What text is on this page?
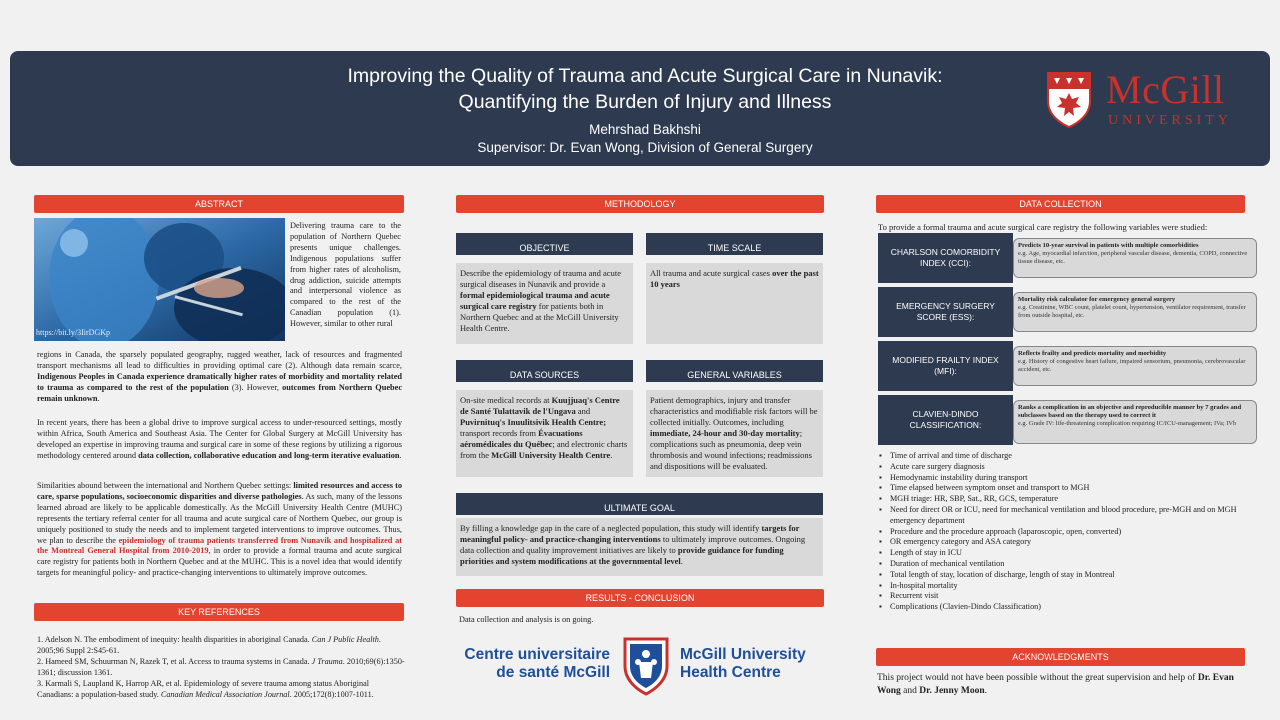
Improving the Quality of Trauma and Acute Surgical Care in Nunavik:
Quantifying the Burden of Injury and Illness
Mehrshad Bakhshi
Supervisor: Dr. Evan Wong, Division of General Surgery
McGill
UNIVERSITY
ABSTRACT
https://bit.ly/3IirDGKp
Delivering trauma care to the population of Northern Quebec presents unique challenges. Indigenous populations suffer from higher rates of alcoholism, drug addiction, suicide attempts and interpersonal violence as compared to the rest of the Canadian population (1). However, similar to other rural
regions in Canada, the sparsely populated geography, rugged weather, lack of resources and fragmented transport mechanisms all lead to difficulties in providing optimal care (2). Although data remain scarce, Indigenous Peoples in Canada experience dramatically higher rates of morbidity and mortality related to trauma as compared to the rest of the population (3). However, outcomes from Northern Quebec remain unknown.
In recent years, there has been a global drive to improve surgical access to under-resourced settings, mostly within Africa, South America and Southeast Asia. The Center for Global Surgery at McGill University has developed an expertise in improving trauma and surgical care in some of these regions by utilizing a rigorous methodology centered around data collection, collaborative education and long-term iterative evaluation.
Similarities abound between the international and Northern Quebec settings: limited resources and access to care, sparse populations, socioeconomic disparities and diverse pathologies. As such, many of the lessons learned abroad are likely to be applicable domestically. As the McGill University Health Centre (MUHC) represents the tertiary referral center for all trauma and acute surgical care of Northern Quebec, our group is uniquely positioned to study the needs and to implement targeted interventions to improve outcomes. Thus, we plan to describe the epidemiology of trauma patients transferred from Nunavik and hospitalized at the Montreal General Hospital from 2010-2019, in order to provide a formal trauma and acute surgical care registry for patients both in Northern Quebec and at the MUHC. This is a novel idea that would identify targets for meaningful policy- and practice-changing interventions to ultimately improve outcomes.
KEY REFERENCES

1. Adelson N. The embodiment of inequity: health disparities in aboriginal Canada. Can J Public Health. 2005;96 Suppl 2:S45-61.

2. Hameed SM, Schuurman N, Razek T, et al. Access to trauma systems in Canada. J Trauma. 2010;69(6):1350-1361; discussion 1361.

3. Karmali S, Laupland K, Harrop AR, et al. Epidemiology of severe trauma among status Aboriginal Canadians: a population-based study. Canadian Medical Association Journal. 2005;172(8):1007-1011.

METHODOLOGY
OBJECTIVE
Describe the epidemiology of trauma and acute surgical diseases in Nunavik and provide a formal epidemiological trauma and acute surgical care registry for patients both in Northern Quebec and at the McGill University Health Centre.
TIME SCALE
All trauma and acute surgical cases over the past 10 years
DATA SOURCES
On-site medical records at Kuujjuaq's Centre de Santé Tulattavik de l'Ungava and Puvirnituq's Inuulitsivik Health Centre; transport records from Évacuations aéromédicales du Québec; and electronic charts from the McGill University Health Centre.
GENERAL VARIABLES
Patient demographics, injury and transfer characteristics and modifiable risk factors will be collected initially. Outcomes, including immediate, 24-hour and 30-day mortality; complications such as pneumonia, deep vein thrombosis and wound infections; readmissions and dispositions will be evaluated.
ULTIMATE GOAL
By filling a knowledge gap in the care of a neglected population, this study will identify targets for meaningful policy- and practice-changing interventions to ultimately improve outcomes. Ongoing data collection and quality improvement initiatives are likely to provide guidance for funding priorities and system modifications at the governmental level.
RESULTS - CONCLUSION
Data collection and analysis is on going.
Centre universitaire
de santé McGill
McGill University
Health Centre
DATA COLLECTION
To provide a formal trauma and acute surgical care registry the following variables were studied:
CHARLSON COMORBIDITY INDEX (CCI):
Predicts 10-year survival in patients with multiple comorbidities
e.g. Age, myocardial infarction, peripheral vascular disease, dementia, COPD, connective tissue disease, etc.
EMERGENCY SURGERY SCORE (ESS):
Mortality risk calculator for emergency general surgery
e.g. Creatinine, WBC count, platelet count, hypertension, ventilator requirement, transfer from outside hospital, etc.
MODIFIED FRAILTY INDEX (MFI):
Reflects frailty and predicts mortality and morbidity
e.g. History of congestive heart failure, impaired sensorium, pneumonia, cerebrovascular accident, etc.
CLAVIEN-DINDO CLASSIFICATION:
Ranks a complication in an objective and reproducible manner by 7 grades and subclasses based on the therapy used to correct it
e.g. Grade IV: life-threatening complication requiring IC/ICU-management; IVa; IVb
▪ Time of arrival and time of discharge
▪ Acute care surgery diagnosis
▪ Hemodynamic instability during transport
▪ Time elapsed between symptom onset and transport to MGH
▪ MGH triage: HR, SBP, Sat., RR, GCS, temperature
▪ Need for direct OR or ICU, need for mechanical ventilation and blood procedure, pre-MGH and on MGH emergency department
▪ Procedure and the procedure approach (laparoscopic, open, converted)
▪ OR emergency category and ASA category
▪ Length of stay in ICU
▪ Duration of mechanical ventilation
▪ Total length of stay, location of discharge, length of stay in Montreal
▪ In-hospital mortality
▪ Recurrent visit
▪ Complications (Clavien-Dindo Classification)
ACKNOWLEDGMENTS
This project would not have been possible without the great supervision and help of Dr. Evan Wong and Dr. Jenny Moon.
